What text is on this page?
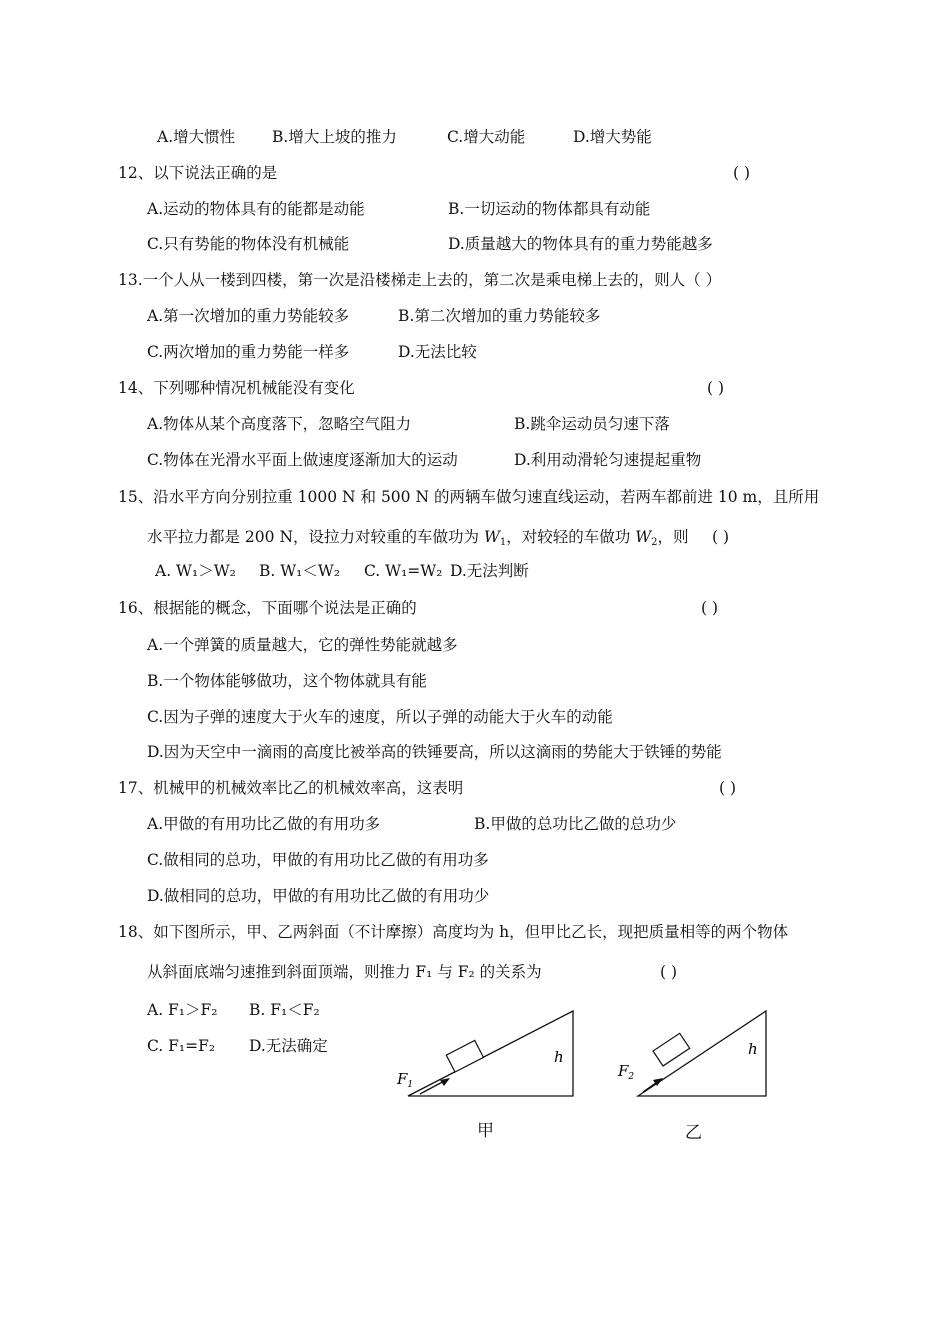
A.增大惯性 B.增大上坡的推力	C.增大动能	D.增大势能
12、以下说法正确的是	( )
A.运动的物体具有的能都是动能	B.一切运动的物体都具有动能
C.只有势能的物体没有机械能	D.质量越大的物体具有的重力势能越多
13.一个人从一楼到四楼，第一次是沿楼梯走上去的，第二次是乘电梯上去的，则人（ ）
A.第一次增加的重力势能较多	B.第二次增加的重力势能较多
C.两次增加的重力势能一样多	D.无法比较
14、下列哪种情况机械能没有变化	( )
A.物体从某个高度落下，忽略空气阻力	B.跳伞运动员匀速下落
C.物体在光滑水平面上做速度逐渐加大的运动	D.利用动滑轮匀速提起重物
15、沿水平方向分别拉重 1000 N 和 500 N 的两辆车做匀速直线运动，若两车都前进 10 m，且所用
水平拉力都是 200 N，设拉力对较重的车做功为 $W_1$，对较轻的车做功 $W_2$，则 ( )
A. W₁＞W₂ B. W₁＜W₂ C. W₁=W₂ D.无法判断
16、根据能的概念，下面哪个说法是正确的	( )
A.一个弹簧的质量越大，它的弹性势能就越多
B.一个物体能够做功，这个物体就具有能
C.因为子弹的速度大于火车的速度，所以子弹的动能大于火车的动能
D.因为天空中一滴雨的高度比被举高的铁锤要高，所以这滴雨的势能大于铁锤的势能
17、机械甲的机械效率比乙的机械效率高，这表明	( )
A.甲做的有用功比乙做的有用功多	B.甲做的总功比乙做的总功少
C.做相同的总功，甲做的有用功比乙做的有用功多
D.做相同的总功，甲做的有用功比乙做的有用功少
18、如下图所示，甲、乙两斜面（不计摩擦）高度均为 h，但甲比乙长，现把质量相等的两个物体
从斜面底端匀速推到斜面顶端，则推力 F₁ 与 F₂ 的关系为	( )
A. F₁＞F₂ B. F₁＜F₂
C. F₁=F₂ D.无法确定
$F_1$
h
甲
$F_2$
h
乙
